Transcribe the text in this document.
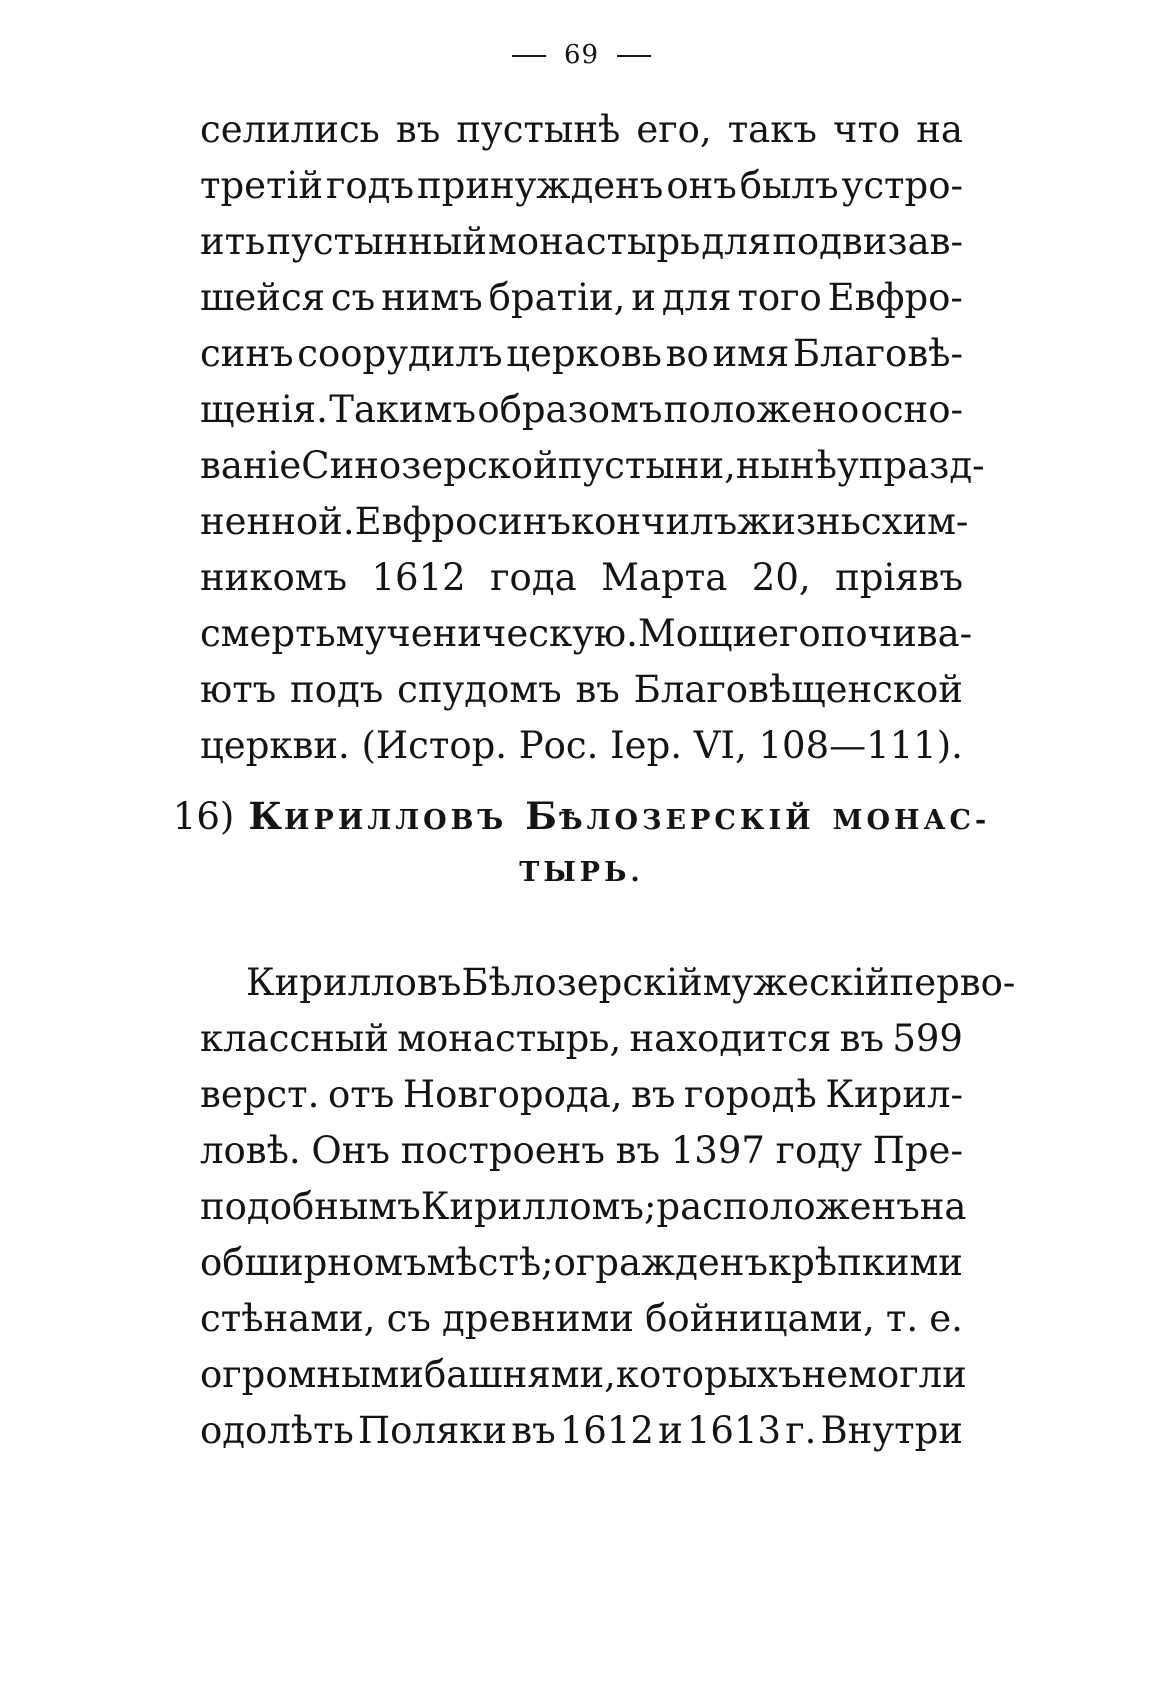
69
селились въ пустынѣ его, такъ что на
третій годъ принужденъ онъ былъ устро-
ить пустынный монастырь для подвизав-
шейся съ нимъ братіи, и для того Евфро-
синъ соорудилъ церковь во имя Благовѣ-
щенія. Такимъ образомъ положено осно-
ваніе Синозерской пустыни, нынѣ упразд-
ненной. Евфросинъ кончилъ жизнь схим-
никомъ 1612 года Марта 20, пріявъ
смерть мученическую. Мощи его почива-
ютъ подъ спудомъ въ Благовѣщенской
церкви. (Истор. Рос. Іер. VI, 108—111).
16) КИРИЛЛОВЪ БѢЛОЗЕРСКІЙ МОНАС-
ТЫРЬ.
Кирилловъ Бѣлозерскій мужескій перво-
классный монастырь, находится въ 599
верст. отъ Новгорода, въ городѣ Кирил-
ловѣ. Онъ построенъ въ 1397 году Пре-
подобнымъ Кирилломъ; расположенъ на
обширномъ мѣстѣ; огражденъ крѣпкими
стѣнами, съ древними бойницами, т. е.
огромными башнями, которыхъ не могли
одолѣть Поляки въ 1612 и 1613 г. Внутри
